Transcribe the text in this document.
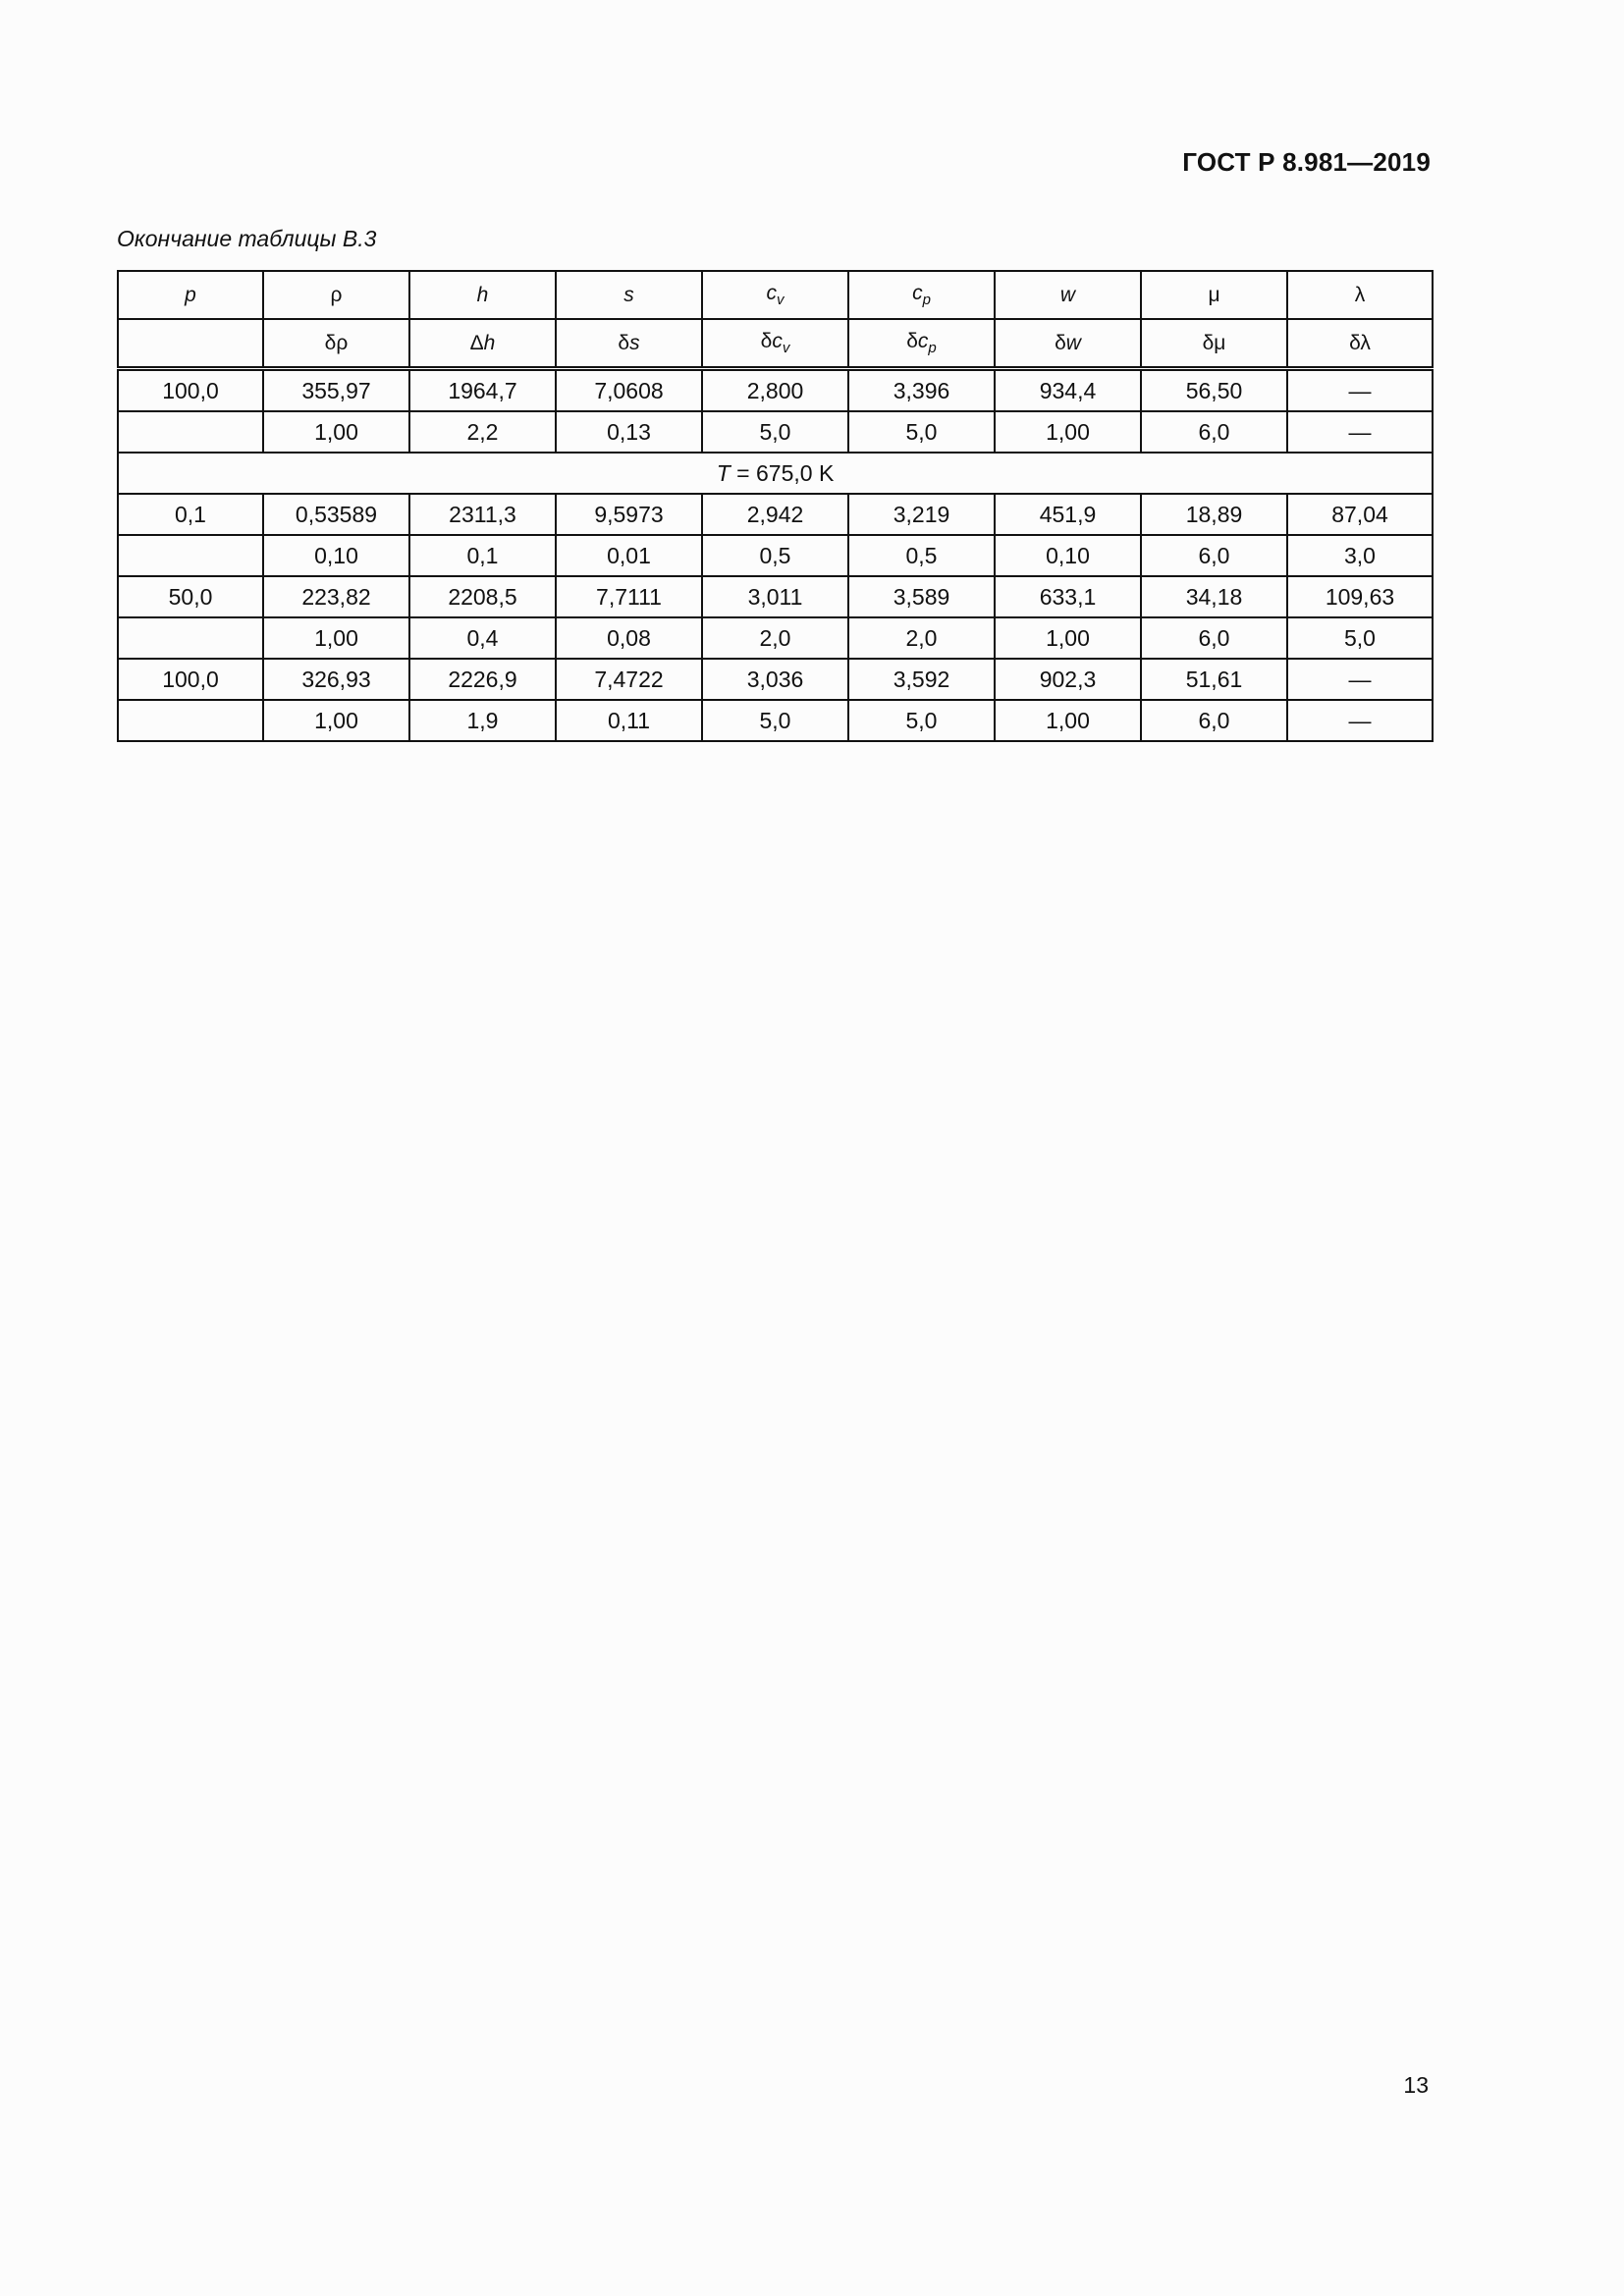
ГОСТ Р 8.981—2019
Окончание таблицы В.3
p	ρ	h	s	$c_v$	$c_p$	w	μ	λ
	δρ	Δh	δs	$\delta c_v$	$\delta c_p$	δw	δμ	δλ
100,0	355,97	1964,7	7,0608	2,800	3,396	934,4	56,50	—
	1,00	2,2	0,13	5,0	5,0	1,00	6,0	—
T = 675,0 K								
0,1	0,53589	2311,3	9,5973	2,942	3,219	451,9	18,89	87,04
	0,10	0,1	0,01	0,5	0,5	0,10	6,0	3,0
50,0	223,82	2208,5	7,7111	3,011	3,589	633,1	34,18	109,63
	1,00	0,4	0,08	2,0	2,0	1,00	6,0	5,0
100,0	326,93	2226,9	7,4722	3,036	3,592	902,3	51,61	—
	1,00	1,9	0,11	5,0	5,0	1,00	6,0	—
13
